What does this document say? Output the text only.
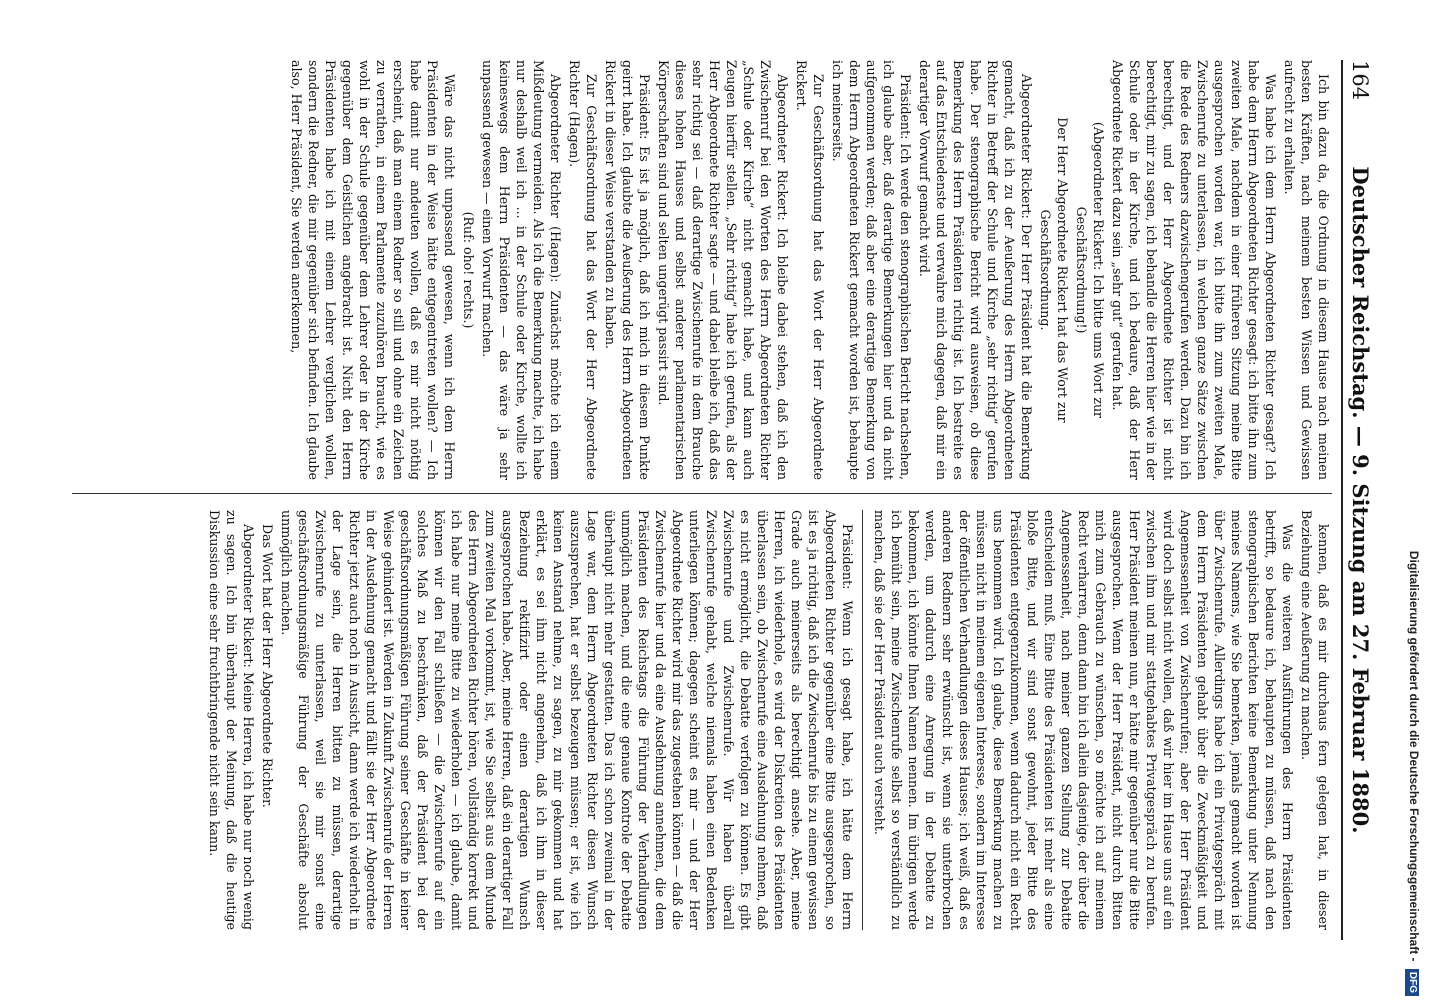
164
Deutscher Reichstag. — 9. Sitzung am 27. Februar 1880.

Ich bin dazu da, die Ordnung in diesem Hause nach meinen besten Kräften, nach meinem besten Wissen und Gewissen aufrecht zu erhalten.

Was habe ich dem Herrn Abgeordneten Richter gesagt? Ich habe dem Herrn Abgeordneten Richter gesagt: ich bitte ihn zum zweiten Male, nachdem in einer früheren Sitzung meine Bitte ausgesprochen worden war, ich bitte ihn zum zweiten Male, Zwischenrufe zu unterlassen, in welchen ganze Sätze zwischen die Rede des Redners dazwischengerufen werden. Dazu bin ich berechtigt, und der Herr Abgeordnete Richter ist nicht berechtigt, mir zu sagen, ich behandle die Herren hier wie in der Schule oder in der Kirche, und ich bedaure, daß der Herr Abgeordnete Rickert dazu sein „sehr gut“ gerufen hat.

(Abgeordneter Rickert: Ich bitte ums Wort zur Geschäftsordnung!)

Der Herr Abgeordnete Rickert hat das Wort zur Geschäftsordnung.

Abgeordneter Rickert: Der Herr Präsident hat die Bemerkung gemacht, daß ich zu der Aeußerung des Herrn Abgeordneten Richter in Betreff der Schule und Kirche „sehr richtig“ gerufen habe. Der stenographische Bericht wird ausweisen, ob diese Bemerkung des Herrn Präsidenten richtig ist. Ich bestreite es auf das Entschiedenste und verwahre mich dagegen, daß mir ein derartiger Vorwurf gemacht wird.

Präsident: Ich werde den stenographischen Bericht nachsehen, ich glaube aber, daß derartige Bemerkungen hier und da nicht aufgenommen werden; daß aber eine derartige Bemerkung von dem Herrn Abgeordneten Rickert gemacht worden ist, behaupte ich meinerseits.

Zur Geschäftsordnung hat das Wort der Herr Abgeordnete Rickert.

Abgeordneter Rickert: Ich bleibe dabei stehen, daß ich den Zwischenruf bei den Worten des Herrn Abgeordneten Richter „Schule oder Kirche“ nicht gemacht habe, und kann auch Zeugen hierfür stellen. „Sehr richtig“ habe ich gerufen, als der Herr Abgeordnete Richter sagte — und dabei bleibe ich, daß das sehr richtig sei — daß derartige Zwischenrufe in dem Brauche dieses hohen Hauses und selbst anderer parlamentarischen Körperschaften sind und selten ungerügt passirt sind.

Präsident: Es ist ja möglich, daß ich mich in diesem Punkte geirrt habe. Ich glaubte die Aeußerung des Herrn Abgeordneten Rickert in dieser Weise verstanden zu haben.

Zur Geschäftsordnung hat das Wort der Herr Abgeordnete Richter (Hagen).

Abgeordneter Richter (Hagen): Zunächst möchte ich einem Mißdeutung vermeiden. Als ich die Bemerkung machte, ich habe nur deshalb weil ich ... in der Schule oder Kirche, wollte ich keineswegs dem Herrn Präsidenten — das wäre ja sehr unpassend gewesen — einen Vorwurf machen.

(Ruf: oho! rechts.)

Wäre das nicht unpassend gewesen, wenn ich dem Herrn Präsidenten in der Weise hätte entgegentreten wollen? — Ich habe damit nur andeuten wollen, daß es mir nicht nöthig erscheint, daß man einem Redner so still und ohne ein Zeichen zu verrathen, in einem Parlamente zuzuhören braucht, wie es wohl in der Schule gegenüber dem Lehrer oder in der Kirche gegenüber dem Geistlichen angebracht ist. Nicht den Herrn Präsidenten habe ich mit einem Lehrer verglichen wollen, sondern die Redner, die mir gegenüber sich befinden. Ich glaube also, Herr Präsident, Sie werden anerkennen,

kennen, daß es mir durchaus fern gelegen hat, in dieser Beziehung eine Aeußerung zu machen.

Was die weiteren Ausführungen des Herrn Präsidenten betrifft, so bedaure ich, behaupten zu müssen, daß nach den stenographischen Berichten keine Bemerkung unter Nennung meines Namens, wie Sie bemerken, jemals gemacht worden ist über Zwischenrufe. Allerdings habe ich ein Privatgespräch mit dem Herrn Präsidenten gehabt über die Zweckmäßigkeit und Angemessenheit von Zwischenrufen; aber der Herr Präsident wird doch selbst nicht wollen, daß wir hier im Hause uns auf ein zwischen ihm und mir stattgehabtes Privatgespräch zu berufen. Herr Präsident meinen nun, er hätte mir gegenüber nur die Bitte ausgesprochen. Wenn der Herr Präsident, nicht durch Bitten mich zum Gebrauch zu wünschen, so möchte ich auf meinem Recht verharren, denn dann bin ich allein dasjenige, der über die Angemessenheit, nach meiner ganzen Stellung zur Debatte entscheiden muß. Eine Bitte des Präsidenten ist mehr als eine bloße Bitte, und wir sind sonst gewohnt, jeder Bitte des Präsidenten entgegenzukommen, wenn dadurch nicht ein Recht uns benommen wird. Ich glaube, diese Bemerkung machen zu müssen nicht in meinem eigenen Interesse, sondern im Interesse der öffentlichen Verhandlungen dieses Hauses; ich weiß, daß es anderen Rednern sehr erwünscht ist, wenn sie unterbrochen werden, um dadurch eine Anregung in der Debatte zu bekommen, ich könnte Ihnen Namen nennen. Im übrigen werde ich bemüht sein, meine Zwischenrufe selbst so verständlich zu machen, daß sie der Herr Präsident auch versteht.

Präsident: Wenn ich gesagt habe, ich hätte dem Herrn Abgeordneten Richter gegenüber eine Bitte ausgesprochen, so ist es ja richtig, daß ich die Zwischenrufe bis zu einem gewissen Grade auch meinerseits als berechtigt ansehe. Aber, meine Herren, ich wiederhole, es wird der Diskretion des Präsidenten überlassen sein, ob Zwischenrufe eine Ausdehnung nehmen, daß es nicht ermöglicht, die Debatte verfolgen zu können. Es gibt Zwischenrufe und Zwischenrufe. Wir haben überall Zwischenrufe gehabt, welche niemals haben einen Bedenken unterliegen können; dagegen scheint es mir — und der Herr Abgeordnete Richter wird mir das zugestehen können — daß die Zwischenrufe hier und da eine Ausdehnung annehmen, die dem Präsidenten des Reichstags die Führung der Verhandlungen unmöglich machen, und die eine genaue Kontrole der Debatte überhaupt nicht mehr gestatten. Das ich schon zweimal in der Lage war, dem Herrn Abgeordneten Richter diesen Wunsch auszusprechen, hat er selbst bezeugen müssen; er ist, wie ich keinen Anstand nehme, zu sagen, zu mir gekommen und hat erklärt, es sei ihm nicht angenehm, daß ich ihm in dieser Beziehung rektifizirt oder einen derartigen Wunsch ausgesprochen habe. Aber, meine Herren, daß ein derartiger Fall zum zweiten Mal vorkommt, ist, wie Sie selbst aus dem Munde des Herrn Abgeordneten Richter hören, vollständig korrekt und ich habe nur meine Bitte zu wiederholen — ich glaube, damit können wir den Fall schließen — die Zwischenrufe auf ein solches Maß zu beschränken, daß der Präsident bei der geschäftsordnungsmäßigen Führung seiner Geschäfte in keiner Weise gehindert ist. Werden in Zukunft Zwischenrufe der Herren in der Ausdehnung gemacht und fällt sie der Herr Abgeordnete Richter jetzt auch noch in Aussicht, dann werde ich wiederholt in der Lage sein, die Herren bitten zu müssen, derartige Zwischenrufe zu unterlassen, weil sie mir sonst eine geschäftsordnungsmäßige Führung der Geschäfte absolut unmöglich machen.

Das Wort hat der Herr Abgeordnete Richter.

Abgeordneter Rickert: Meine Herren, ich habe nur noch wenig zu sagen. Ich bin überhaupt der Meinung, daß die heutige Diskussion eine sehr fruchtbringende nicht sein kann.	Digitalisierung gefördert durch die Deutsche Forschungsgemeinschaft - DFG
